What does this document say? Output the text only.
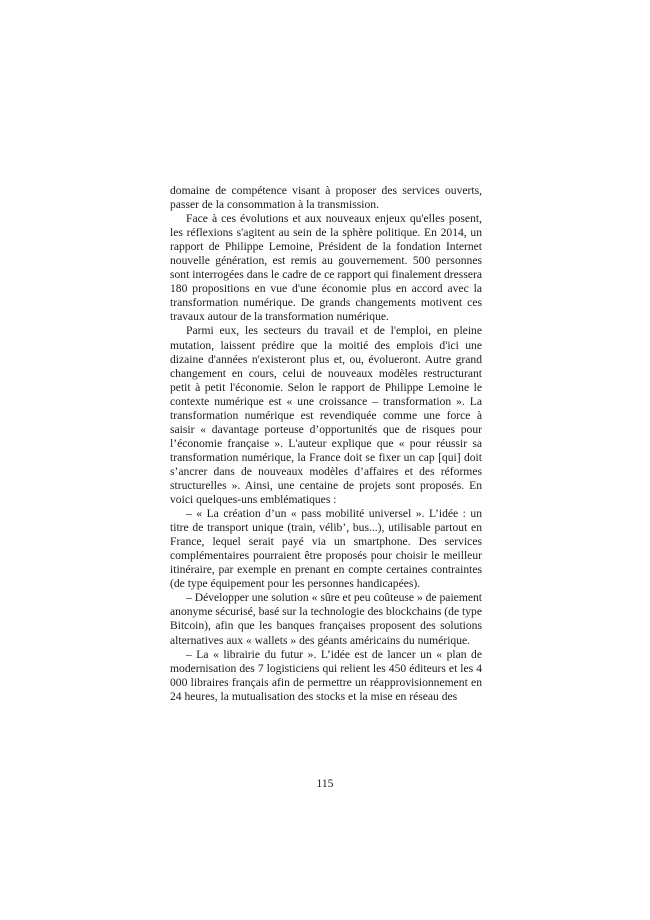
domaine de compétence visant à proposer des services ouverts, passer de la consommation à la transmission.

Face à ces évolutions et aux nouveaux enjeux qu'elles posent, les réflexions s'agitent au sein de la sphère politique. En 2014, un rapport de Philippe Lemoine, Président de la fondation Internet nouvelle génération, est remis au gouvernement. 500 personnes sont interrogées dans le cadre de ce rapport qui finalement dressera 180 propositions en vue d'une économie plus en accord avec la transformation numérique. De grands changements motivent ces travaux autour de la transformation numérique.

Parmi eux, les secteurs du travail et de l'emploi, en pleine mutation, laissent prédire que la moitié des emplois d'ici une dizaine d'années n'existeront plus et, ou, évolueront. Autre grand changement en cours, celui de nouveaux modèles restructurant petit à petit l'économie. Selon le rapport de Philippe Lemoine le contexte numérique est « une croissance – transformation ». La transformation numérique est revendiquée comme une force à saisir « davantage porteuse d’opportunités que de risques pour l’économie française ». L'auteur explique que « pour réussir sa transformation numérique, la France doit se fixer un cap [qui] doit s’ancrer dans de nouveaux modèles d’affaires et des réformes structurelles ». Ainsi, une centaine de projets sont proposés. En voici quelques-uns emblématiques :

– « La création d’un « pass mobilité universel ». L’idée : un titre de transport unique (train, vélib’, bus...), utilisable partout en France, lequel serait payé via un smartphone. Des services complémentaires pourraient être proposés pour choisir le meilleur itinéraire, par exemple en prenant en compte certaines contraintes (de type équipement pour les personnes handicapées).

– Développer une solution « sûre et peu coûteuse » de paiement anonyme sécurisé, basé sur la technologie des blockchains (de type Bitcoin), afin que les banques françaises proposent des solutions alternatives aux « wallets » des géants américains du numérique.

– La « librairie du futur ». L’idée est de lancer un « plan de modernisation des 7 logisticiens qui relient les 450 éditeurs et les 4 000 libraires français afin de permettre un réapprovisionnement en 24 heures, la mutualisation des stocks et la mise en réseau des

115
